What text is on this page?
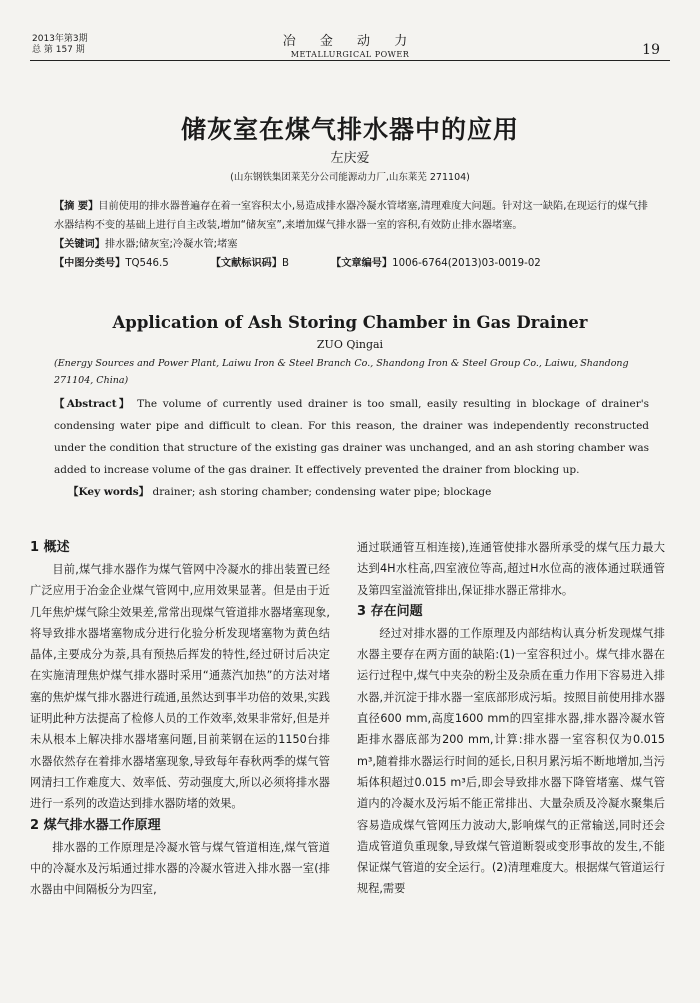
2013年第3期
总 第 157 期
冶 金 动 力
METALLURGICAL POWER	19
储灰室在煤气排水器中的应用
左庆爱
(山东钢铁集团莱芜分公司能源动力厂,山东莱芜 271104)
【摘 要】目前使用的排水器普遍存在着一室容积太小,易造成排水器冷凝水管堵塞,清理难度大问题。针对这一缺陷,在现运行的煤气排水器结构不变的基础上进行自主改装,增加“储灰室”,来增加煤气排水器一室的容积,有效防止排水器堵塞。
【关键词】排水器;储灰室;冷凝水管;堵塞
【中图分类号】TQ546.5	【文献标识码】B	【文章编号】1006-6764(2013)03-0019-02
Application of Ash Storing Chamber in Gas Drainer
ZUO Qingai
(Energy Sources and Power Plant, Laiwu Iron & Steel Branch Co., Shandong Iron & Steel Group Co., Laiwu, Shandong 271104, China)
【Abstract】 The volume of currently used drainer is too small, easily resulting in blockage of drainer's condensing water pipe and difficult to clean. For this reason, the drainer was independently reconstructed under the condition that structure of the existing gas drainer was unchanged, and an ash storing chamber was added to increase volume of the gas drainer. It effectively prevented the drainer from blocking up.
【Key words】 drainer; ash storing chamber; condensing water pipe; blockage
1 概述

目前,煤气排水器作为煤气管网中冷凝水的排出装置已经广泛应用于冶金企业煤气管网中,应用效果显著。但是由于近几年焦炉煤气除尘效果差,常常出现煤气管道排水器堵塞现象,将导致排水器堵塞物成分进行化验分析发现堵塞物为黄色结晶体,主要成分为萘,具有预热后挥发的特性,经过研讨后决定在实施清理焦炉煤气排水器时采用“通蒸汽加热”的方法对堵塞的焦炉煤气排水器进行疏通,虽然达到事半功倍的效果,实践证明此种方法提高了检修人员的工作效率,效果非常好,但是并未从根本上解决排水器堵塞问题,目前莱钢在运的1150台排水器依然存在着排水器堵塞现象,导致每年春秋两季的煤气管网清扫工作难度大、效率低、劳动强度大,所以必须将排水器进行一系列的改造达到排水器防堵的效果。

2 煤气排水器工作原理

排水器的工作原理是冷凝水管与煤气管道相连,煤气管道中的冷凝水及污垢通过排水器的冷凝水管进入排水器一室(排水器由中间隔板分为四室,

通过联通管互相连接),连通管使排水器所承受的煤气压力最大达到4H水柱高,四室液位等高,超过H水位高的液体通过联通管及第四室溢流管排出,保证排水器正常排水。

3 存在问题

经过对排水器的工作原理及内部结构认真分析发现煤气排水器主要存在两方面的缺陷:(1)一室容积过小。煤气排水器在运行过程中,煤气中夹杂的粉尘及杂质在重力作用下容易进入排水器,并沉淀于排水器一室底部形成污垢。按照目前使用排水器直径600 mm,高度1600 mm的四室排水器,排水器冷凝水管距排水器底部为200 mm,计算:排水器一室容积仅为0.015 m³,随着排水器运行时间的延长,日积月累污垢不断地增加,当污垢体积超过0.015 m³后,即会导致排水器下降管堵塞、煤气管道内的冷凝水及污垢不能正常排出、大量杂质及冷凝水聚集后容易造成煤气管网压力波动大,影响煤气的正常输送,同时还会造成管道负重现象,导致煤气管道断裂或变形事故的发生,不能保证煤气管道的安全运行。(2)清理难度大。根据煤气管道运行规程,需要
